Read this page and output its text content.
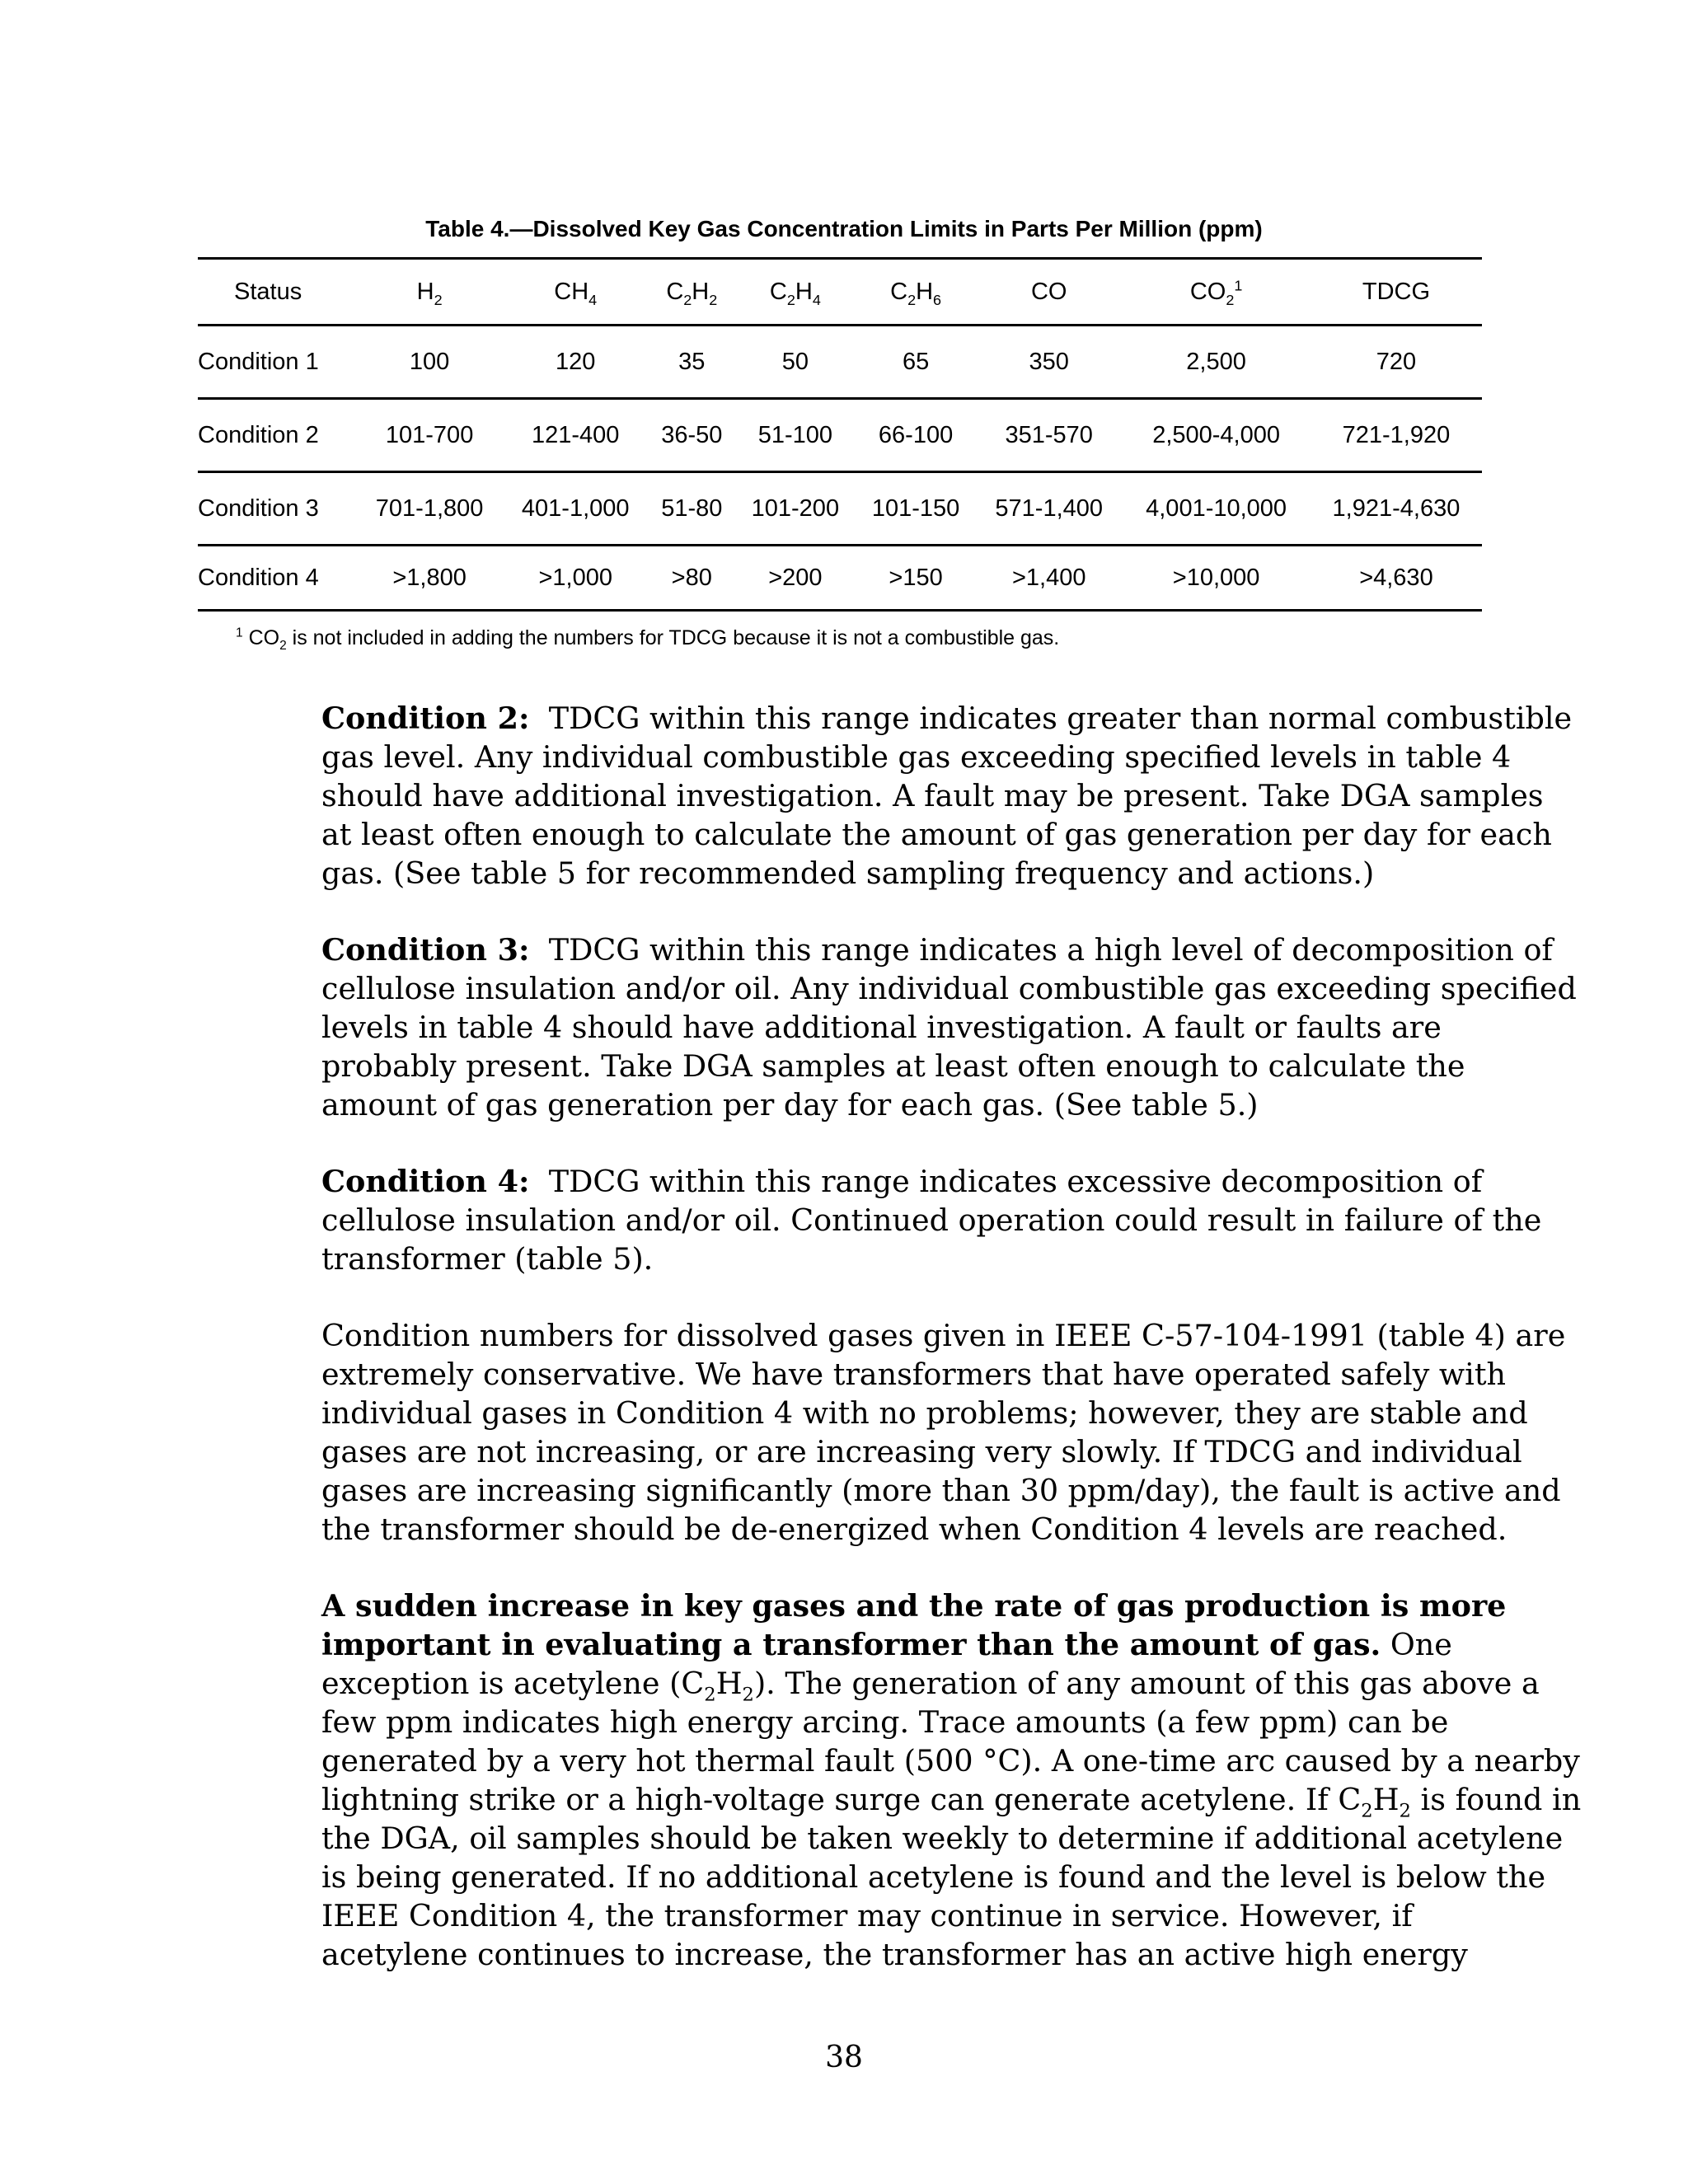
Table 4.—Dissolved Key Gas Concentration Limits in Parts Per Million (ppm)
Status	$H_2$	$CH_4$	$C_2H_2$	$C_2H_4$	$C_2H_6$	CO	$CO_2^1$	TDCG
Condition 1	100	120	35	50	65	350	2,500	720
Condition 2	101-700	121-400	36-50	51-100	66-100	351-570	2,500-4,000	721-1,920
Condition 3	701-1,800	401-1,000	51-80	101-200	101-150	571-1,400	4,001-10,000	1,921-4,630
Condition 4	>1,800	>1,000	>80	>200	>150	>1,400	>10,000	>4,630
$^1$ $CO_2$ is not included in adding the numbers for TDCG because it is not a combustible gas.

Condition 2: TDCG within this range indicates greater than normal combustible
gas level. Any individual combustible gas exceeding specified levels in table 4
should have additional investigation. A fault may be present. Take DGA samples
at least often enough to calculate the amount of gas generation per day for each
gas. (See table 5 for recommended sampling frequency and actions.)

Condition 3: TDCG within this range indicates a high level of decomposition of
cellulose insulation and/or oil. Any individual combustible gas exceeding specified
levels in table 4 should have additional investigation. A fault or faults are
probably present. Take DGA samples at least often enough to calculate the
amount of gas generation per day for each gas. (See table 5.)

Condition 4: TDCG within this range indicates excessive decomposition of
cellulose insulation and/or oil. Continued operation could result in failure of the
transformer (table 5).

Condition numbers for dissolved gases given in IEEE C-57-104-1991 (table 4) are
extremely conservative. We have transformers that have operated safely with
individual gases in Condition 4 with no problems; however, they are stable and
gases are not increasing, or are increasing very slowly. If TDCG and individual
gases are increasing significantly (more than 30 ppm/day), the fault is active and
the transformer should be de-energized when Condition 4 levels are reached.

A sudden increase in key gases and the rate of gas production is more
important in evaluating a transformer than the amount of gas. One
exception is acetylene $(C_2H_2)$. The generation of any amount of this gas above a
few ppm indicates high energy arcing. Trace amounts (a few ppm) can be
generated by a very hot thermal fault (500 °C). A one-time arc caused by a nearby
lightning strike or a high-voltage surge can generate acetylene. If $C_2H_2$ is found in
the DGA, oil samples should be taken weekly to determine if additional acetylene
is being generated. If no additional acetylene is found and the level is below the
IEEE Condition 4, the transformer may continue in service. However, if
acetylene continues to increase, the transformer has an active high energy

38
